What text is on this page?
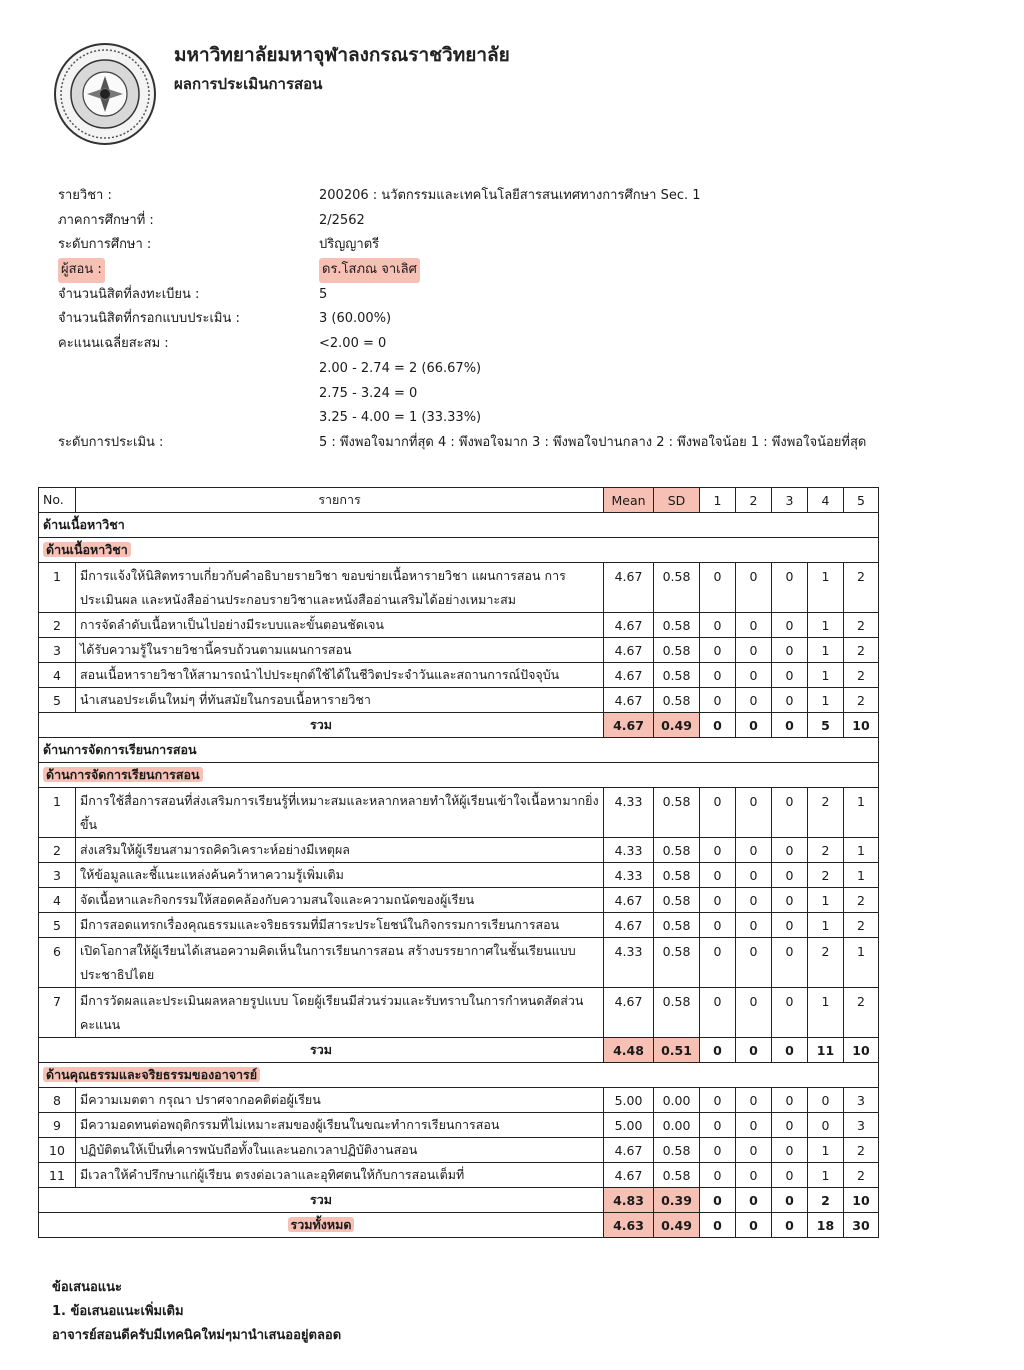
มหาวิทยาลัยมหาจุฬาลงกรณราชวิทยาลัย
ผลการประเมินการสอน
รายวิชา :	200206 : นวัตกรรมและเทคโนโลยีสารสนเทศทางการศึกษา Sec. 1
ภาคการศึกษาที่ :	2/2562
ระดับการศึกษา :	ปริญญาตรี
ผู้สอน :	ดร.โสภณ จาเลิศ
จำนวนนิสิตที่ลงทะเบียน :	5
จำนวนนิสิตที่กรอกแบบประเมิน :	3 (60.00%)
คะแนนเฉลี่ยสะสม :	<2.00 = 0
2.00 - 2.74 = 2 (66.67%)
2.75 - 3.24 = 0
3.25 - 4.00 = 1 (33.33%)
ระดับการประเมิน :	5 : พึงพอใจมากที่สุด 4 : พึงพอใจมาก 3 : พึงพอใจปานกลาง 2 : พึงพอใจน้อย 1 : พึงพอใจน้อยที่สุด
No.	รายการ	Mean	SD	1	2	3	4	5
ด้านเนื้อหาวิชา								
ด้านเนื้อหาวิชา								
1	มีการแจ้งให้นิสิตทราบเกี่ยวกับคำอธิบายรายวิชา ขอบข่ายเนื้อหารายวิชา แผนการสอน การประเมินผล และหนังสืออ่านประกอบรายวิชาและหนังสืออ่านเสริมได้อย่างเหมาะสม	4.67	0.58	0	0	0	1	2
2	การจัดลำดับเนื้อหาเป็นไปอย่างมีระบบและขั้นตอนชัดเจน	4.67	0.58	0	0	0	1	2
3	ได้รับความรู้ในรายวิชานี้ครบถ้วนตามแผนการสอน	4.67	0.58	0	0	0	1	2
4	สอนเนื้อหารายวิชาให้สามารถนำไปประยุกต์ใช้ได้ในชีวิตประจำวันและสถานการณ์ปัจจุบัน	4.67	0.58	0	0	0	1	2
5	นำเสนอประเด็นใหม่ๆ ที่ทันสมัยในกรอบเนื้อหารายวิชา	4.67	0.58	0	0	0	1	2
รวม		4.67	0.49	0	0	0	5	10
ด้านการจัดการเรียนการสอน								
ด้านการจัดการเรียนการสอน								
1	มีการใช้สื่อการสอนที่ส่งเสริมการเรียนรู้ที่เหมาะสมและหลากหลายทำให้ผู้เรียนเข้าใจเนื้อหามากยิ่งขึ้น	4.33	0.58	0	0	0	2	1
2	ส่งเสริมให้ผู้เรียนสามารถคิดวิเคราะห์อย่างมีเหตุผล	4.33	0.58	0	0	0	2	1
3	ให้ข้อมูลและชี้แนะแหล่งค้นคว้าหาความรู้เพิ่มเติม	4.33	0.58	0	0	0	2	1
4	จัดเนื้อหาและกิจกรรมให้สอดคล้องกับความสนใจและความถนัดของผู้เรียน	4.67	0.58	0	0	0	1	2
5	มีการสอดแทรกเรื่องคุณธรรมและจริยธรรมที่มีสาระประโยชน์ในกิจกรรมการเรียนการสอน	4.67	0.58	0	0	0	1	2
6	เปิดโอกาสให้ผู้เรียนได้เสนอความคิดเห็นในการเรียนการสอน สร้างบรรยากาศในชั้นเรียนแบบประชาธิปไตย	4.33	0.58	0	0	0	2	1
7	มีการวัดผลและประเมินผลหลายรูปแบบ โดยผู้เรียนมีส่วนร่วมและรับทราบในการกำหนดสัดส่วนคะแนน	4.67	0.58	0	0	0	1	2
รวม		4.48	0.51	0	0	0	11	10
ด้านคุณธรรมและจริยธรรมของอาจารย์								
8	มีความเมตตา กรุณา ปราศจากอคติต่อผู้เรียน	5.00	0.00	0	0	0	0	3
9	มีความอดทนต่อพฤติกรรมที่ไม่เหมาะสมของผู้เรียนในขณะทำการเรียนการสอน	5.00	0.00	0	0	0	0	3
10	ปฏิบัติตนให้เป็นที่เคารพนับถือทั้งในและนอกเวลาปฏิบัติงานสอน	4.67	0.58	0	0	0	1	2
11	มีเวลาให้คำปรึกษาแก่ผู้เรียน ตรงต่อเวลาและอุทิศตนให้กับการสอนเต็มที่	4.67	0.58	0	0	0	1	2
รวม		4.83	0.39	0	0	0	2	10
รวมทั้งหมด		4.63	0.49	0	0	0	18	30
ข้อเสนอแนะ
1. ข้อเสนอแนะเพิ่มเติม
อาจารย์สอนดีครับมีเทคนิคใหม่ๆมานำเสนออยู่ตลอด
